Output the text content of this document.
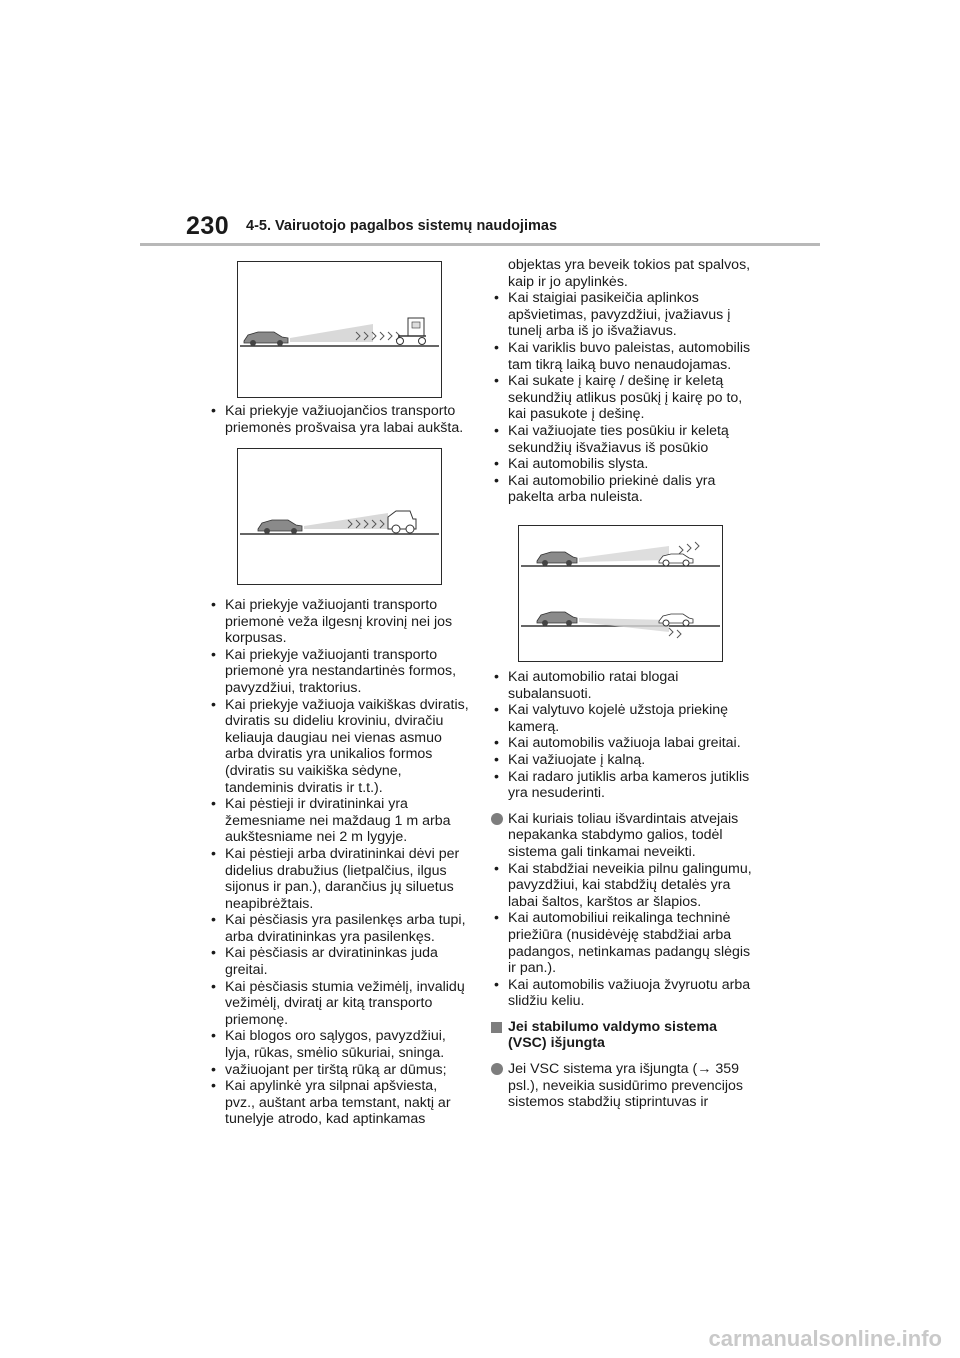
230 4-5. Vairuotojo pagalbos sistemų naudojimas
• Kai priekyje važiuojančios transporto priemonės prošvaisa yra labai aukšta.
• Kai priekyje važiuojanti transporto priemonė veža ilgesnį krovinį nei jos korpusas.
• Kai priekyje važiuojanti transporto priemonė yra nestandartinės formos, pavyzdžiui, traktorius.
• Kai priekyje važiuoja vaikiškas dviratis, dviratis su dideliu kroviniu, dviračiu keliauja daugiau nei vienas asmuo arba dviratis yra unikalios formos (dviratis su vaikiška sėdyne, tandeminis dviratis ir t.t.).
• Kai pėstieji ir dviratininkai yra žemesniame nei maždaug 1 m arba aukštesniame nei 2 m lygyje.
• Kai pėstieji arba dviratininkai dėvi per didelius drabužius (lietpalčius, ilgus sijonus ir pan.), darančius jų siluetus neapibrėžtais.
• Kai pėsčiasis yra pasilenkęs arba tupi, arba dviratininkas yra pasilenkęs.
• Kai pėsčiasis ar dviratininkas juda greitai.
• Kai pėsčiasis stumia vežimėlį, invalidų vežimėlį, dviratį ar kitą transporto priemonę.
• Kai blogos oro sąlygos, pavyzdžiui, lyja, rūkas, smėlio sūkuriai, sninga.
• važiuojant per tirštą rūką ar dūmus;
• Kai apylinkė yra silpnai apšviesta, pvz., auštant arba temstant, naktį ar tunelyje atrodo, kad aptinkamas
objektas yra beveik tokios pat spalvos, kaip ir jo apylinkės.
• Kai staigiai pasikeičia aplinkos apšvietimas, pavyzdžiui, įvažiavus į tunelį arba iš jo išvažiavus.
• Kai variklis buvo paleistas, automobilis tam tikrą laiką buvo nenaudojamas.
• Kai sukate į kairę / dešinę ir keletą sekundžių atlikus posūkį į kairę po to, kai pasukote į dešinę.
• Kai važiuojate ties posūkiu ir keletą sekundžių išvažiavus iš posūkio
• Kai automobilis slysta.
• Kai automobilio priekinė dalis yra pakelta arba nuleista.
• Kai automobilio ratai blogai subalansuoti.
• Kai valytuvo kojelė užstoja priekinę kamerą.
• Kai automobilis važiuoja labai greitai.
• Kai važiuojate į kalną.
• Kai radaro jutiklis arba kameros jutiklis yra nesuderinti.
Kai kuriais toliau išvardintais atvejais nepakanka stabdymo galios, todėl sistema gali tinkamai neveikti.
• Kai stabdžiai neveikia pilnu galingumu, pavyzdžiui, kai stabdžių detalės yra labai šaltos, karštos ar šlapios.
• Kai automobiliui reikalinga techninė priežiūra (nusidėvėję stabdžiai arba padangos, netinkamas padangų slėgis ir pan.).
• Kai automobilis važiuoja žvyruotu arba slidžiu keliu.
Jei stabilumo valdymo sistema (VSC) išjungta
Jei VSC sistema yra išjungta (→ 359 psl.), neveikia susidūrimo prevencijos sistemos stabdžių stiprintuvas ir
carmanualsonline.info
